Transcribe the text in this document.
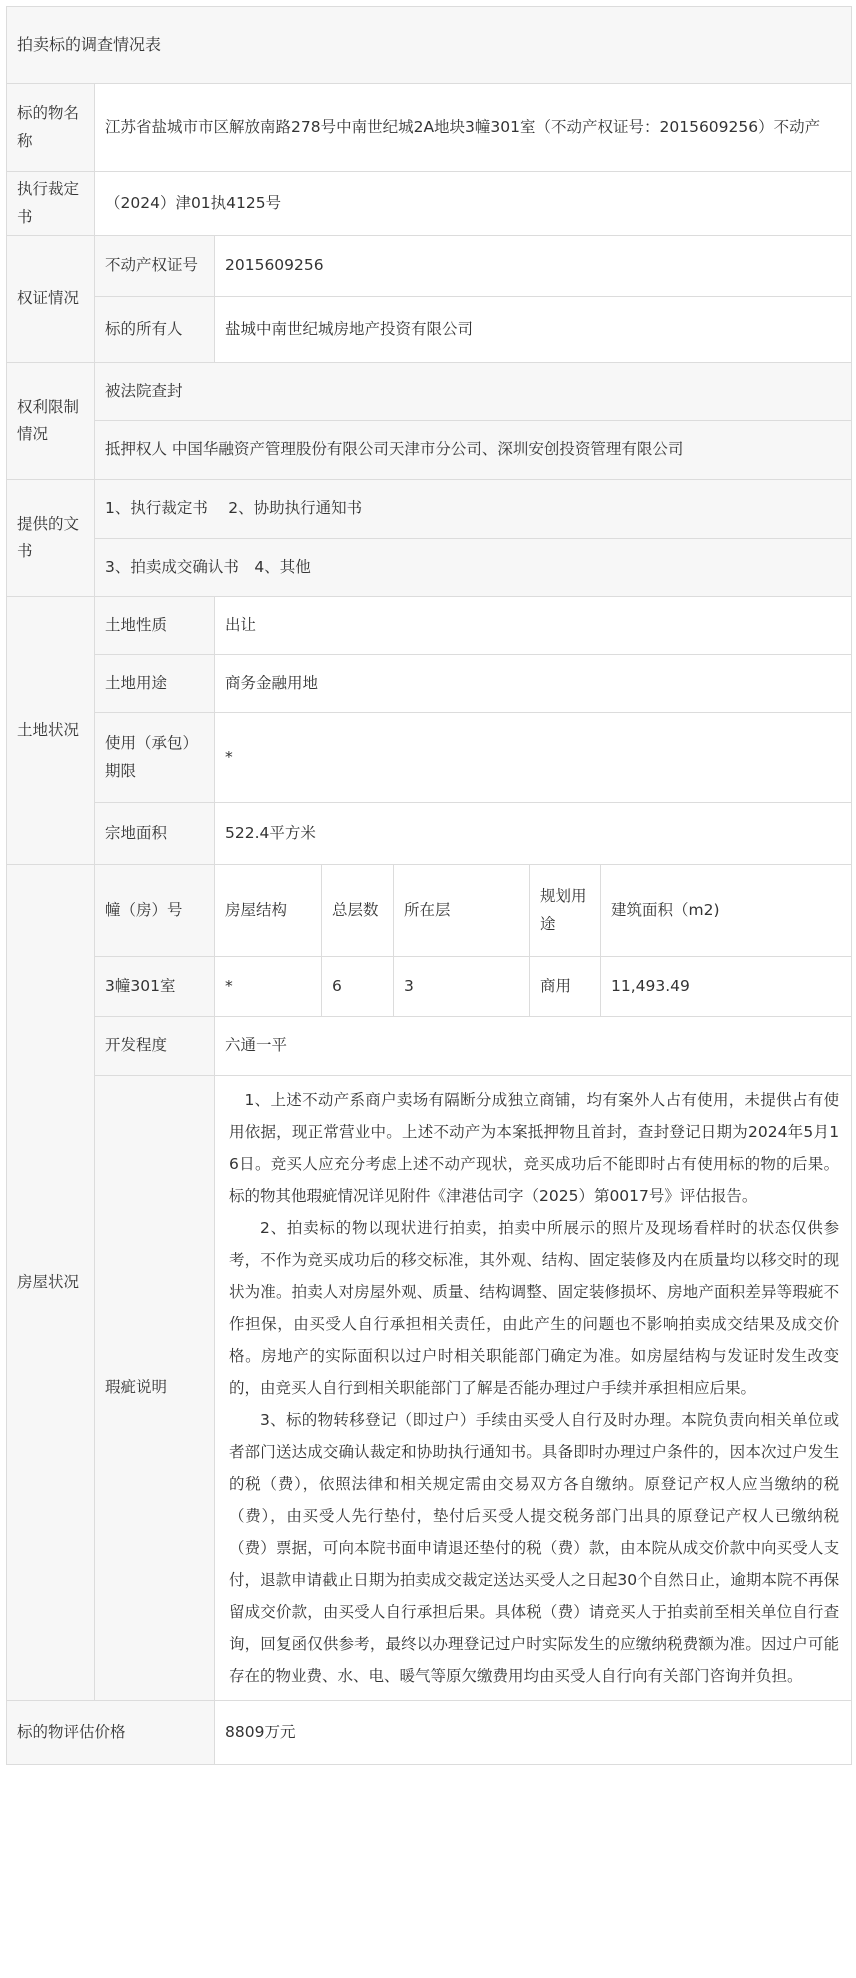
拍卖标的调查情况表						
标的物名称	江苏省盐城市市区解放南路278号中南世纪城2A地块3幢301室（不动产权证号：2015609256）不动产					
执行裁定书	（2024）津01执4125号					
权证情况	不动产权证号	2015609256				
	标的所有人	盐城中南世纪城房地产投资有限公司				
权利限制情况	被法院查封					
	抵押权人 中国华融资产管理股份有限公司天津市分公司、深圳安创投资管理有限公司					
提供的文书	1、执行裁定书　 2、协助执行通知书					
	3、拍卖成交确认书　4、其他					
土地状况	土地性质	出让				
	土地用途	商务金融用地				
	使用（承包）期限	*				
	宗地面积	522.4平方米				
房屋状况	幢（房）号	房屋结构	总层数	所在层	规划用途	建筑面积（m2)
	3幢301室	*	6	3	商用	11,493.49
	开发程度	六通一平				
	瑕疵说明	1、上述不动产系商户卖场有隔断分成独立商铺，均有案外人占有使用，未提供占有使用依据，现正常营业中。上述不动产为本案抵押物且首封，查封登记日期为2024年5月16日。竞买人应充分考虑上述不动产现状，竞买成功后不能即时占有使用标的物的后果。标的物其他瑕疵情况详见附件《津港估司字（2025）第0017号》评估报告。

2、拍卖标的物以现状进行拍卖，拍卖中所展示的照片及现场看样时的状态仅供参考，不作为竞买成功后的移交标准，其外观、结构、固定装修及内在质量均以移交时的现状为准。拍卖人对房屋外观、质量、结构调整、固定装修损坏、房地产面积差异等瑕疵不作担保，由买受人自行承担相关责任，由此产生的问题也不影响拍卖成交结果及成交价格。房地产的实际面积以过户时相关职能部门确定为准。如房屋结构与发证时发生改变的，由竞买人自行到相关职能部门了解是否能办理过户手续并承担相应后果。

3、标的物转移登记（即过户）手续由买受人自行及时办理。本院负责向相关单位或者部门送达成交确认裁定和协助执行通知书。具备即时办理过户条件的，因本次过户发生的税（费），依照法律和相关规定需由交易双方各自缴纳。原登记产权人应当缴纳的税（费），由买受人先行垫付，垫付后买受人提交税务部门出具的原登记产权人已缴纳税（费）票据，可向本院书面申请退还垫付的税（费）款，由本院从成交价款中向买受人支付，退款申请截止日期为拍卖成交裁定送达买受人之日起30个自然日止，逾期本院不再保留成交价款，由买受人自行承担后果。具体税（费）请竞买人于拍卖前至相关单位自行查询，回复函仅供参考，最终以办理登记过户时实际发生的应缴纳税费额为准。因过户可能存在的物业费、水、电、暖气等原欠缴费用均由买受人自行向有关部门咨询并负担。				

标的物评估价格		8809万元				
